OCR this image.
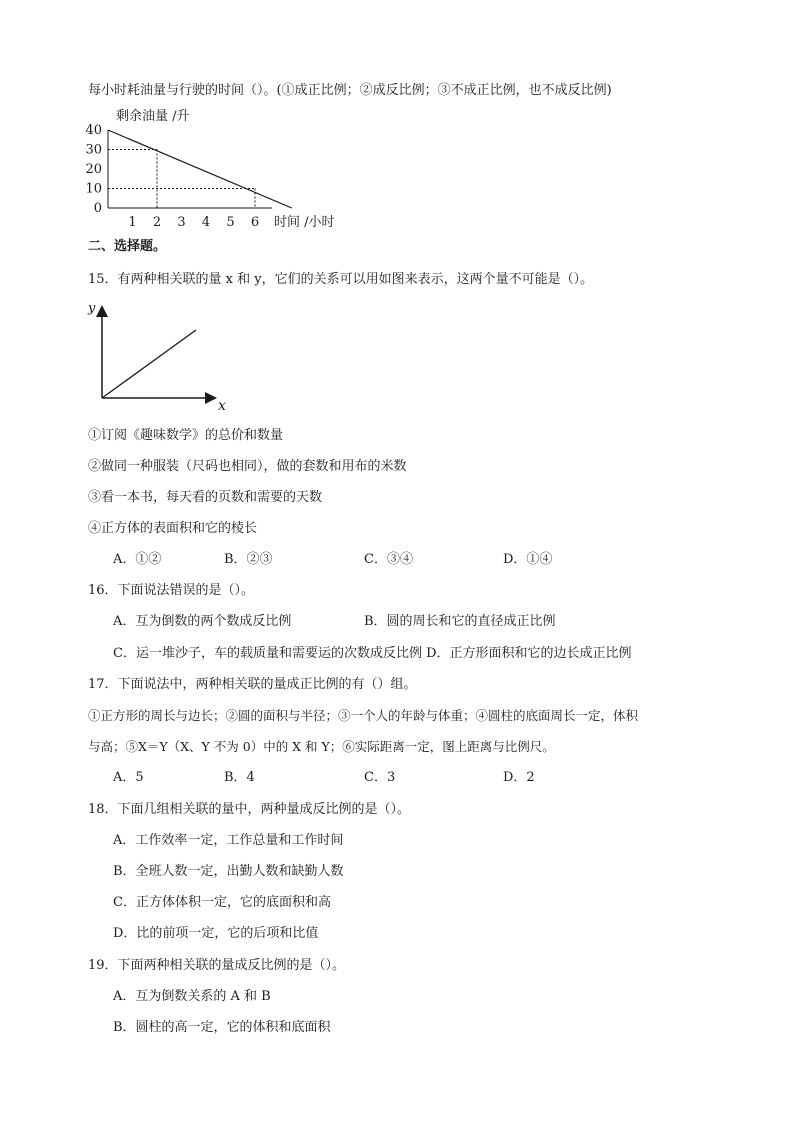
每小时耗油量与行驶的时间（）。(①成正比例；②成反比例；③不成正比例，也不成反比例)
剩余油量 /升
40
30
20
10
0
1 2 3 4 5 6 时间 /小时
二、选择题。
15．有两种相关联的量 x 和 y，它们的关系可以用如图来表示，这两个量不可能是（）。
y
x
①订阅《趣味数学》的总价和数量
②做同一种服装（尺码也相同），做的套数和用布的米数
③看一本书，每天看的页数和需要的天数
④正方体的表面积和它的棱长
A．①②	B．②③	C．③④	D．①④
16．下面说法错误的是（）。
A．互为倒数的两个数成反比例	B．圆的周长和它的直径成正比例
C．运一堆沙子，车的载质量和需要运的次数成反比例 D．正方形面积和它的边长成正比例
17．下面说法中，两种相关联的量成正比例的有（）组。
①正方形的周长与边长；②圆的面积与半径；③一个人的年龄与体重；④圆柱的底面周长一定，体积
与高；⑤X＝Y（X、Y 不为 0）中的 X 和 Y；⑥实际距离一定，图上距离与比例尺。
A．5	B．4	C．3	D．2
18．下面几组相关联的量中，两种量成反比例的是（）。
A．工作效率一定，工作总量和工作时间
B．全班人数一定，出勤人数和缺勤人数
C．正方体体积一定，它的底面积和高
D．比的前项一定，它的后项和比值
19．下面两种相关联的量成反比例的是（）。
A．互为倒数关系的 A 和 B
B．圆柱的高一定，它的体积和底面积
